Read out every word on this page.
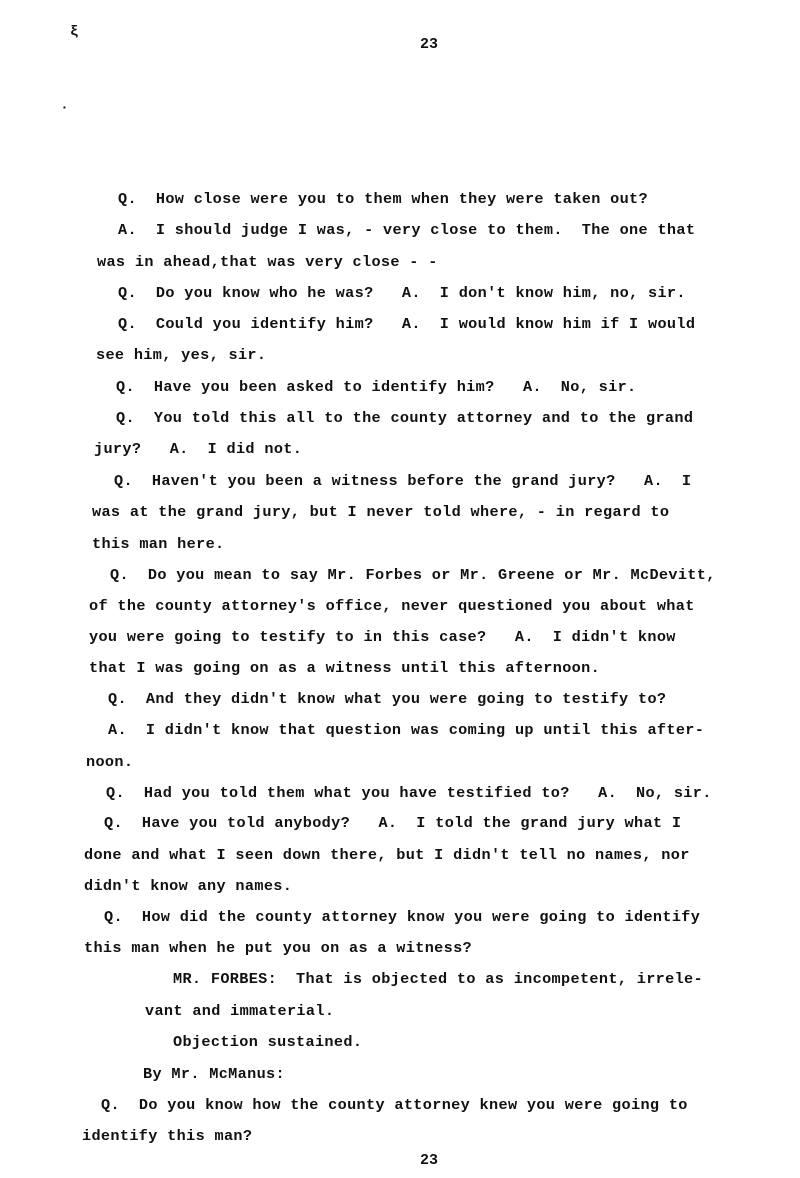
ξ
▪
23
Q.  How close were you to them when they were taken out?
A.  I should judge I was, - very close to them.  The one that
was in ahead,that was very close - -
Q.  Do you know who he was?   A.  I don't know him, no, sir.
Q.  Could you identify him?   A.  I would know him if I would
see him, yes, sir.
Q.  Have you been asked to identify him?   A.  No, sir.
Q.  You told this all to the county attorney and to the grand
jury?   A.  I did not.
Q.  Haven't you been a witness before the grand jury?   A.  I
was at the grand jury, but I never told where, - in regard to
this man here.
Q.  Do you mean to say Mr. Forbes or Mr. Greene or Mr. McDevitt,
of the county attorney's office, never questioned you about what
you were going to testify to in this case?   A.  I didn't know
that I was going on as a witness until this afternoon.
Q.  And they didn't know what you were going to testify to?
A.  I didn't know that question was coming up until this after-
noon.
Q.  Had you told them what you have testified to?   A.  No, sir.
Q.  Have you told anybody?   A.  I told the grand jury what I
done and what I seen down there, but I didn't tell no names, nor
didn't know any names.
Q.  How did the county attorney know you were going to identify
this man when he put you on as a witness?
MR. FORBES:  That is objected to as incompetent, irrele-
vant and immaterial.
Objection sustained.
By Mr. McManus:
Q.  Do you know how the county attorney knew you were going to
identify this man?
23
